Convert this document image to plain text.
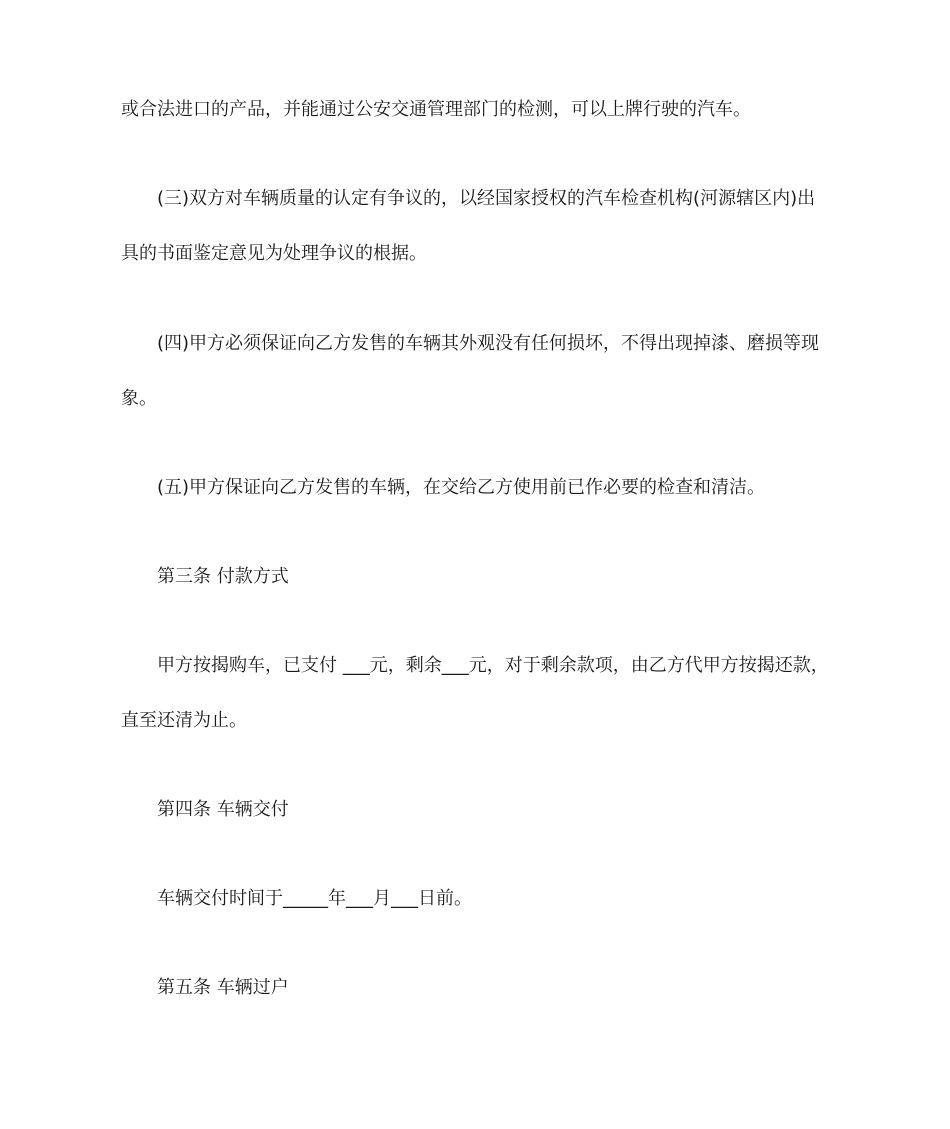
或合法进口的产品，并能通过公安交通管理部门的检测，可以上牌行驶的汽车。
(三)双方对车辆质量的认定有争议的，以经国家授权的汽车检查机构(河源辖区内)出
具的书面鉴定意见为处理争议的根据。
(四)甲方必须保证向乙方发售的车辆其外观没有任何损坏，不得出现掉漆、磨损等现
象。
(五)甲方保证向乙方发售的车辆，在交给乙方使用前已作必要的检查和清洁。
第三条 付款方式
甲方按揭购车，已支付 ___元，剩余___元，对于剩余款项，由乙方代甲方按揭还款，
直至还清为止。
第四条 车辆交付
车辆交付时间于_____年___月___日前。
第五条 车辆过户
